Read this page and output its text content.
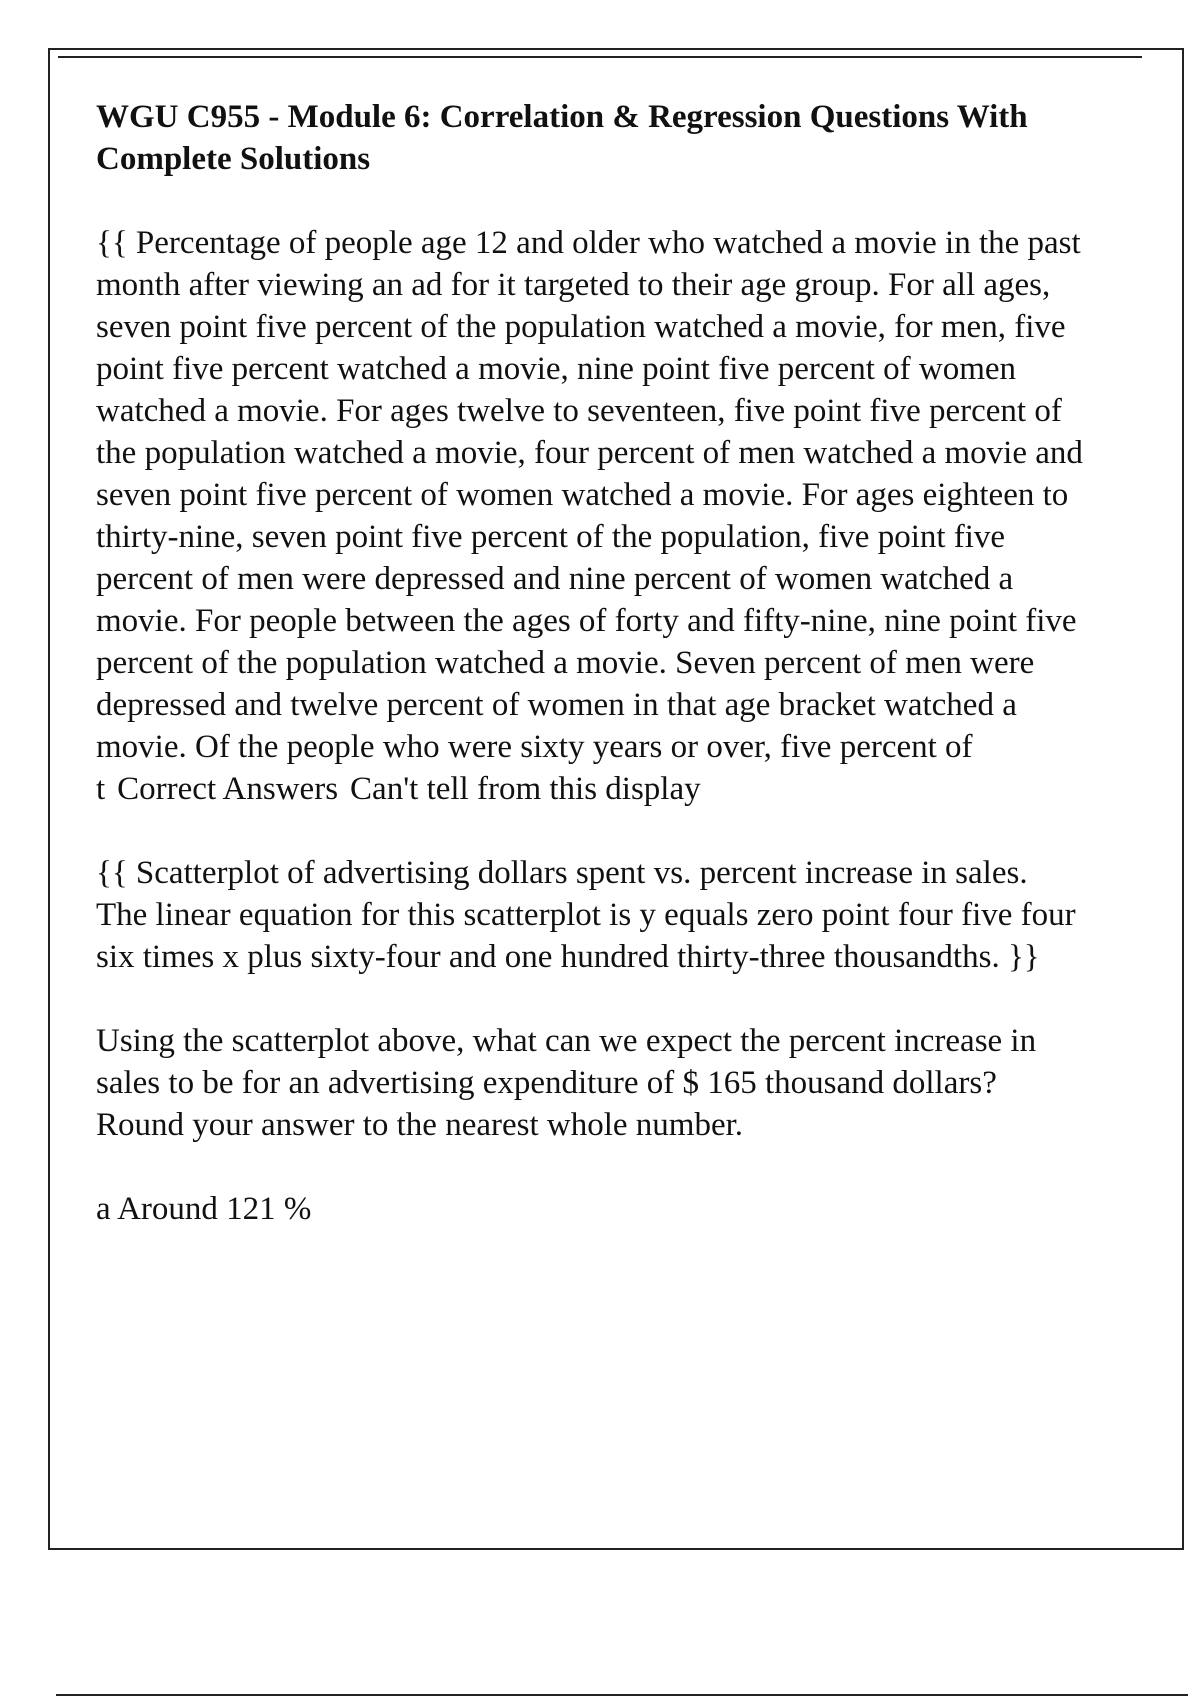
WGU C955 - Module 6: Correlation & Regression Questions With Complete Solutions
{{ Percentage of people age 12 and older who watched a movie in the past month after viewing an ad for it targeted to their age group. For all ages, seven point five percent of the population watched a movie, for men, five point five percent watched a movie, nine point five percent of women watched a movie. For ages twelve to seventeen, five point five percent of the population watched a movie, four percent of men watched a movie and seven point five percent of women watched a movie. For ages eighteen to thirty-nine, seven point five percent of the population, five point five percent of men were depressed and nine percent of women watched a movie. For people between the ages of forty and fifty-nine, nine point five percent of the population watched a movie. Seven percent of men were depressed and twelve percent of women in that age bracket watched a movie. Of the people who were sixty years or over, five percent of t Correct Answers Can't tell from this display
{{ Scatterplot of advertising dollars spent vs. percent increase in sales. The linear equation for this scatterplot is y equals zero point four five four six times x plus sixty-four and one hundred thirty-three thousandths. }}
Using the scatterplot above, what can we expect the percent increase in sales to be for an advertising expenditure of $ 165 thousand dollars? Round your answer to the nearest whole number.
a Around 121 %
